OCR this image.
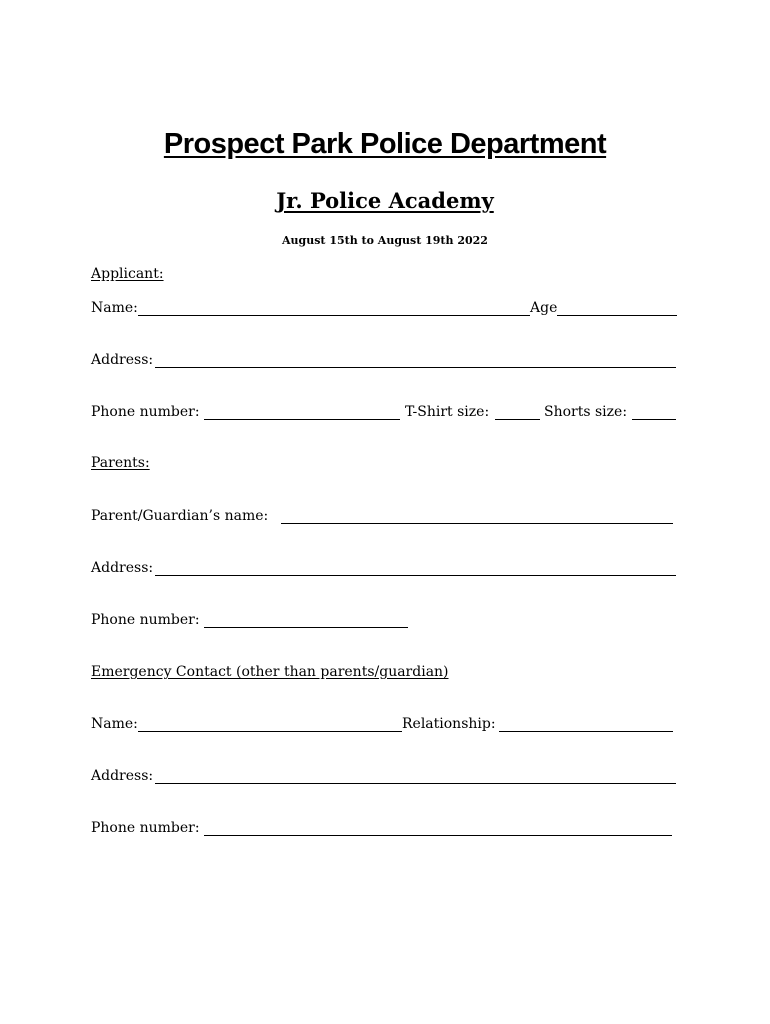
Prospect Park Police Department
Jr. Police Academy
August 15th to August 19th 2022
Applicant:
Name:	Age
Address:
Phone number:	T-Shirt size:	Shorts size:
Parents:
Parent/Guardian’s name:
Address:
Phone number:
Emergency Contact (other than parents/guardian)
Name:	Relationship:
Address:
Phone number:
